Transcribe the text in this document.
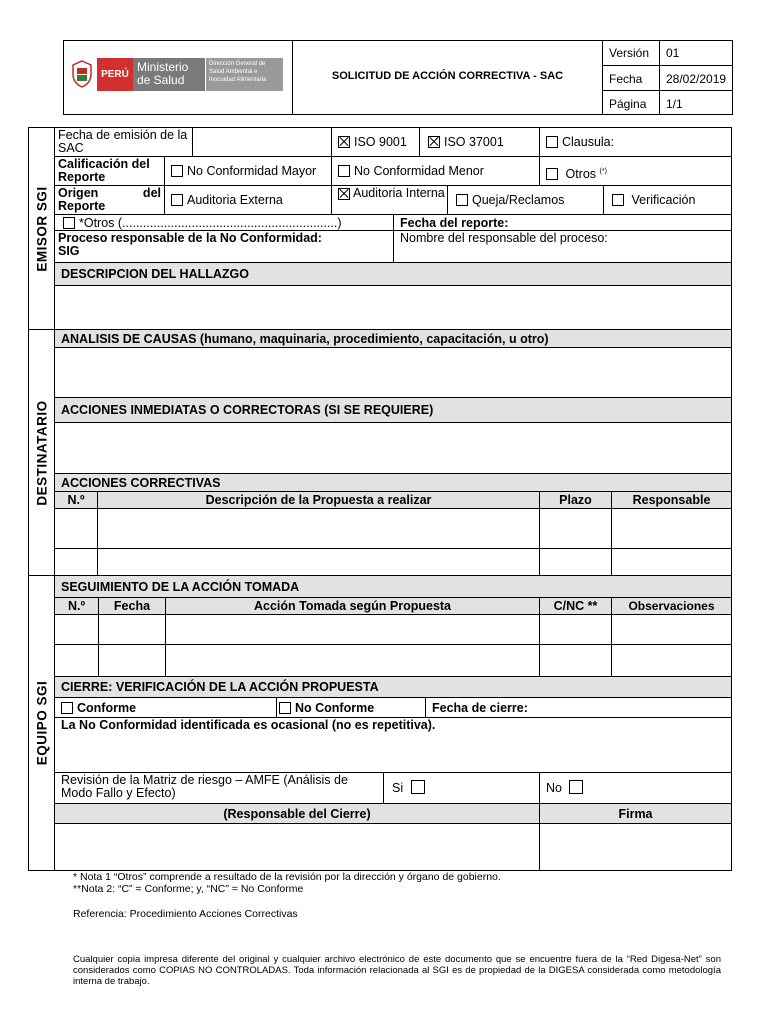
PERÚ
Ministerio
de Salud
Dirección General de
Salud Ambiental e
Inocuidad Alimentaria	SOLICITUD DE ACCIÓN CORRECTIVA - SAC
Versión	01
Fecha	28/02/2019
Página	1/1
EMISOR SGI
DESTINATARIO
EQUIPO SGI
Fecha de emisión de la SAC	ISO 9001	ISO 37001	Clausula:
Calificación del Reporte	No Conformidad Mayor	No Conformidad Menor	Otros (*)
Origen del Reporte	Auditoria Externa	Auditoria Interna	Queja/Reclamos	Verificación
*Otros (..............................................................)	Fecha del reporte:
Proceso responsable de la No Conformidad:
SIG
Nombre del responsable del proceso:
DESCRIPCION DEL HALLAZGO
ANALISIS DE CAUSAS (humano, maquinaria, procedimiento, capacitación, u otro)
ACCIONES INMEDIATAS O CORRECTORAS (SI SE REQUIERE)
ACCIONES CORRECTIVAS
N.º	Descripción de la Propuesta a realizar	Plazo	Responsable
SEGUIMIENTO DE LA ACCIÓN TOMADA
N.º	Fecha	Acción Tomada según Propuesta	C/NC **	Observaciones
CIERRE: VERIFICACIÓN DE LA ACCIÓN PROPUESTA
Conforme	No Conforme	Fecha de cierre:
La No Conformidad identificada es ocasional (no es repetitiva).
Revisión de la Matriz de riesgo – AMFE (Análisis de Modo Fallo y Efecto)	Si	No
(Responsable del Cierre)	Firma
* Nota 1 “Otros” comprende a resultado de la revisión por la dirección y órgano de gobierno.
**Nota 2: “C” = Conforme; y, “NC” = No Conforme
Referencia: Procedimiento Acciones Correctivas
Cualquier copia impresa diferente del original y cualquier archivo electrónico de este documento que se encuentre fuera de la “Red Digesa-Net” son considerados como COPIAS NO CONTROLADAS. Toda información relacionada al SGI es de propiedad de la DIGESA considerada como metodología interna de trabajo.
